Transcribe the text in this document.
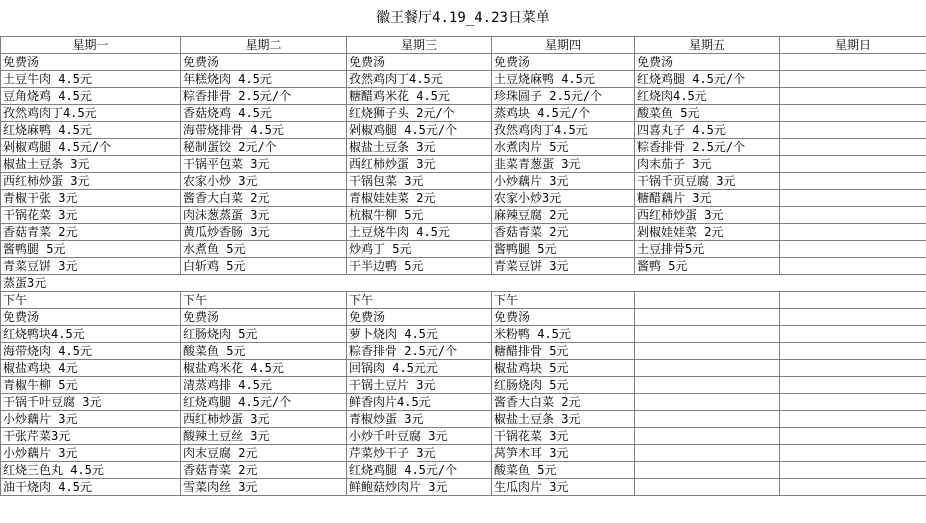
徽王餐厅4.19_4.23日菜单
星期一	星期二	星期三	星期四	星期五	星期日
免费汤	免费汤	免费汤	免费汤	免费汤	
土豆牛肉 4.5元	年糕烧肉 4.5元	孜然鸡肉丁4.5元	土豆烧麻鸭 4.5元	红烧鸡腿 4.5元/个	
豆角烧鸡 4.5元	粽香排骨 2.5元/个	糖醋鸡米花 4.5元	珍珠圆子 2.5元/个	红烧肉4.5元	
孜然鸡肉丁4.5元	香菇烧鸡 4.5元	红烧狮子头 2元/个	蒸鸡块 4.5元/个	酸菜鱼 5元	
红烧麻鸭 4.5元	海带烧排骨 4.5元	剁椒鸡腿 4.5元/个	孜然鸡肉丁4.5元	四喜丸子 4.5元	
剁椒鸡腿 4.5元/个	秘制蛋饺 2元/个	椒盐土豆条 3元	水煮肉片 5元	粽香排骨 2.5元/个	
椒盐土豆条 3元	干锅平包菜 3元	西红柿炒蛋 3元	韭菜青葱蛋 3元	肉末茄子 3元	
西红柿炒蛋 3元	农家小炒 3元	干锅包菜 3元	小炒藕片 3元	干锅千页豆腐 3元	
青椒干张 3元	酱香大白菜 2元	青椒娃娃菜 2元	农家小炒3元	糖醋藕片 3元	
干锅花菜 3元	肉沫葱蒸蛋 3元	杭椒牛柳 5元	麻辣豆腐 2元	西红柿炒蛋 3元	
香菇青菜 2元	黄瓜炒香肠 3元	土豆烧牛肉 4.5元	香菇青菜 2元	剁椒娃娃菜 2元	
酱鸭腿 5元	水煮鱼 5元	炒鸡丁 5元	酱鸭腿 5元	土豆排骨5元	
青菜豆饼 3元	白斩鸡 5元	干半边鸭 5元	青菜豆饼 3元	酱鸭 5元	
蒸蛋3元					
下午	下午	下午	下午		
免费汤	免费汤	免费汤	免费汤		
红烧鸭块4.5元	红肠烧肉 5元	萝卜烧肉 4.5元	米粉鸭 4.5元		
海带烧肉 4.5元	酸菜鱼 5元	粽香排骨 2.5元/个	糖醋排骨 5元		
椒盐鸡块 4元	椒盐鸡米花 4.5元	回锅肉 4.5元元	椒盐鸡块 5元		
青椒牛柳 5元	清蒸鸡排 4.5元	干锅土豆片 3元	红肠烧肉 5元		
干锅千叶豆腐 3元	红烧鸡腿 4.5元/个	鲜香肉片4.5元	酱香大白菜 2元		
小炒藕片 3元	西红柿炒蛋 3元	青椒炒蛋 3元	椒盐土豆条 3元		
干张芹菜3元	酸辣土豆丝 3元	小炒千叶豆腐 3元	干锅花菜 3元		
小炒藕片 3元	肉末豆腐 2元	芹菜炒干子 3元	莴笋木耳 3元		
红烧三色丸 4.5元	香菇青菜 2元	红烧鸡腿 4.5元/个	酸菜鱼 5元		
油干烧肉 4.5元	雪菜肉丝 3元	鲜鲍菇炒肉片 3元	生瓜肉片 3元		
